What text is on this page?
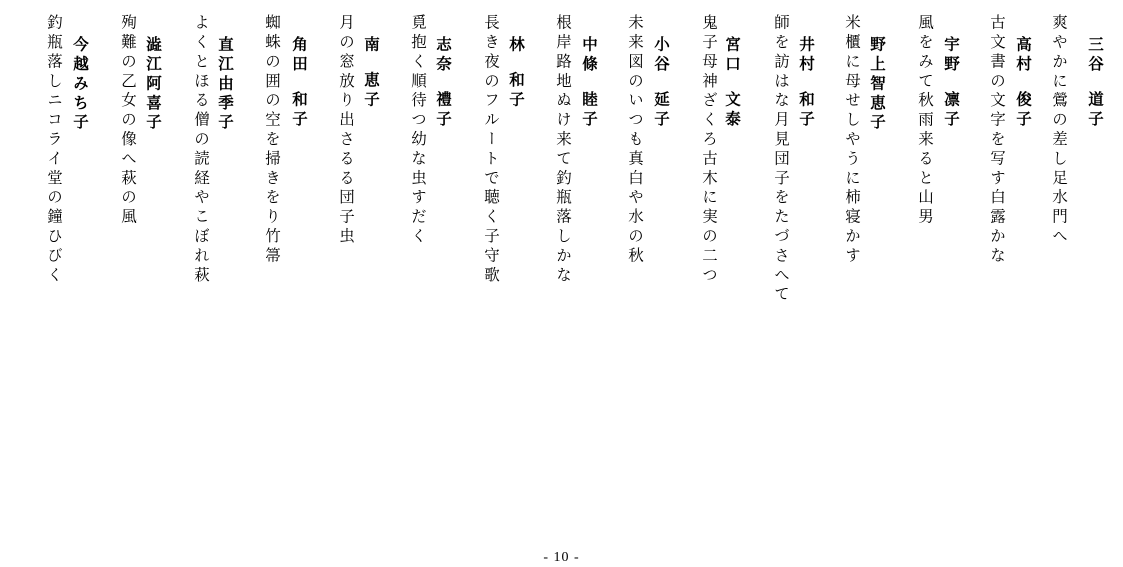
三谷道子
爽やかに鶯の差し足水門へ
高村俊子
古文書の文字を写す白露かな
宇野凛子
風をみて秋雨来ると山男
野上智恵子
米櫃に母せしやうに柿寝かす
井村和子
師を訪はな月見団子をたづさへて
宮口文泰
鬼子母神ざくろ古木に実の二つ
小谷延子
未来図のいつも真白や水の秋
中條睦子
根岸路地ぬけ来て釣瓶落しかな
林和子
長き夜のフルートで聴く子守歌
志奈禮子
覓抱く順待つ幼な虫すだく
南恵子
月の窓放り出さるる団子虫
角田和子
蜘蛛の囲の空を掃きをり竹箒
直江由季子
よくとほる僧の読経やこぼれ萩
澁江阿喜子
殉難の乙女の像へ萩の風
今越みち子
釣瓶落しニコライ堂の鐘ひびく
- 10 -
